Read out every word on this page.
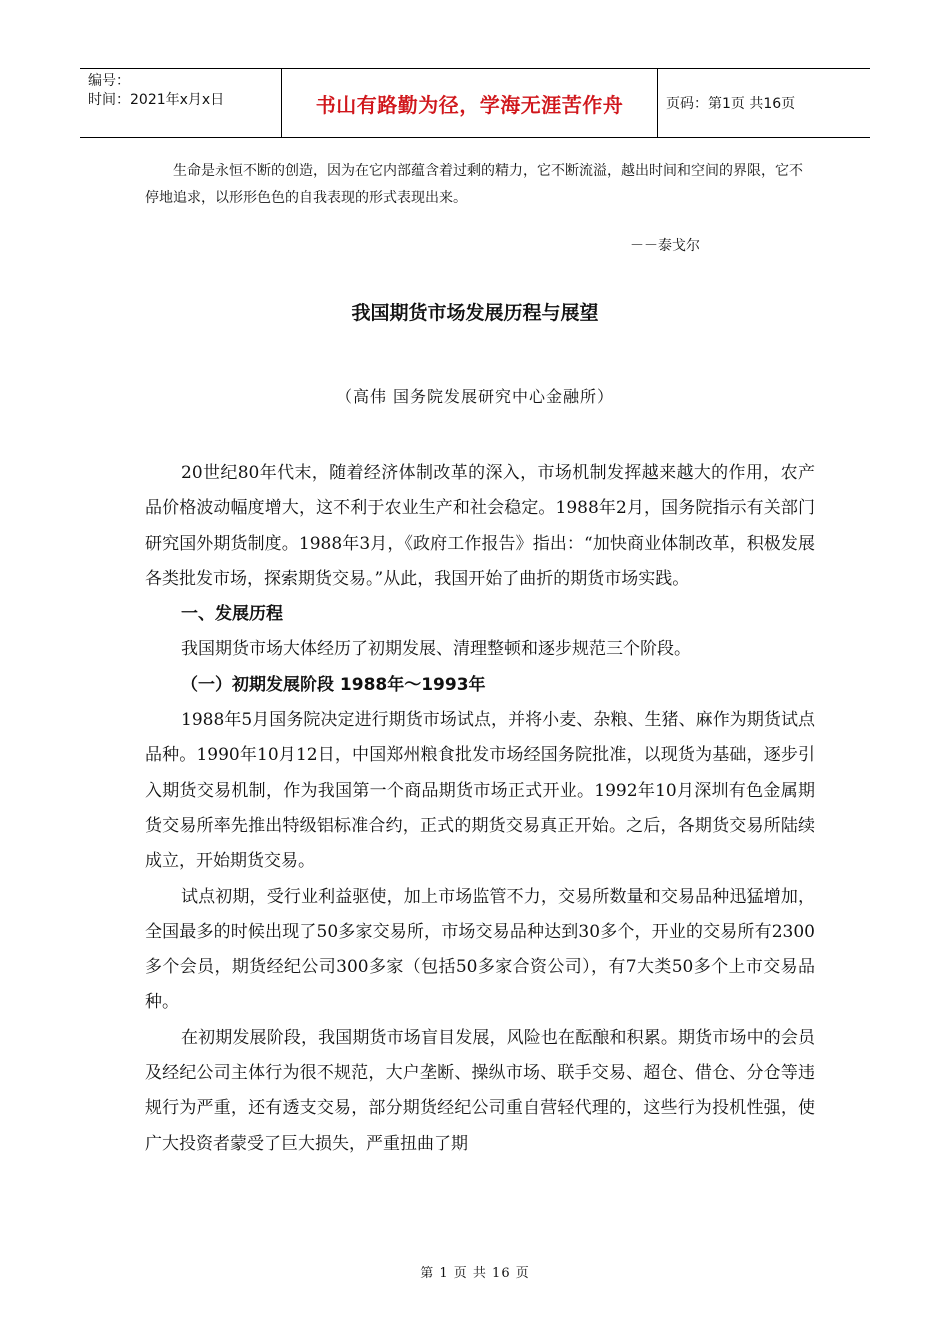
编号：
时间：2021年x月x日	书山有路勤为径，学海无涯苦作舟	页码：第1页 共16页
生命是永恒不断的创造，因为在它内部蕴含着过剩的精力，它不断流溢，越出时间和空间的界限，它不停地追求，以形形色色的自我表现的形式表现出来。
－－泰戈尔
我国期货市场发展历程与展望
（高伟 国务院发展研究中心金融所）

20世纪80年代末，随着经济体制改革的深入，市场机制发挥越来越大的作用，农产品价格波动幅度增大，这不利于农业生产和社会稳定。1988年2月，国务院指示有关部门研究国外期货制度。1988年3月，《政府工作报告》指出：“加快商业体制改革，积极发展各类批发市场，探索期货交易。”从此，我国开始了曲折的期货市场实践。

一、发展历程

我国期货市场大体经历了初期发展、清理整顿和逐步规范三个阶段。

（一）初期发展阶段 1988年～1993年

1988年5月国务院决定进行期货市场试点，并将小麦、杂粮、生猪、麻作为期货试点品种。1990年10月12日，中国郑州粮食批发市场经国务院批准，以现货为基础，逐步引入期货交易机制，作为我国第一个商品期货市场正式开业。1992年10月深圳有色金属期货交易所率先推出特级铝标准合约，正式的期货交易真正开始。之后，各期货交易所陆续成立，开始期货交易。

试点初期，受行业利益驱使，加上市场监管不力，交易所数量和交易品种迅猛增加，全国最多的时候出现了50多家交易所，市场交易品种达到30多个，开业的交易所有2300多个会员，期货经纪公司300多家（包括50多家合资公司），有7大类50多个上市交易品种。

在初期发展阶段，我国期货市场盲目发展，风险也在酝酿和积累。期货市场中的会员及经纪公司主体行为很不规范，大户垄断、操纵市场、联手交易、超仓、借仓、分仓等违规行为严重，还有透支交易，部分期货经纪公司重自营轻代理的，这些行为投机性强，使广大投资者蒙受了巨大损失，严重扭曲了期

第 1 页 共 16 页
